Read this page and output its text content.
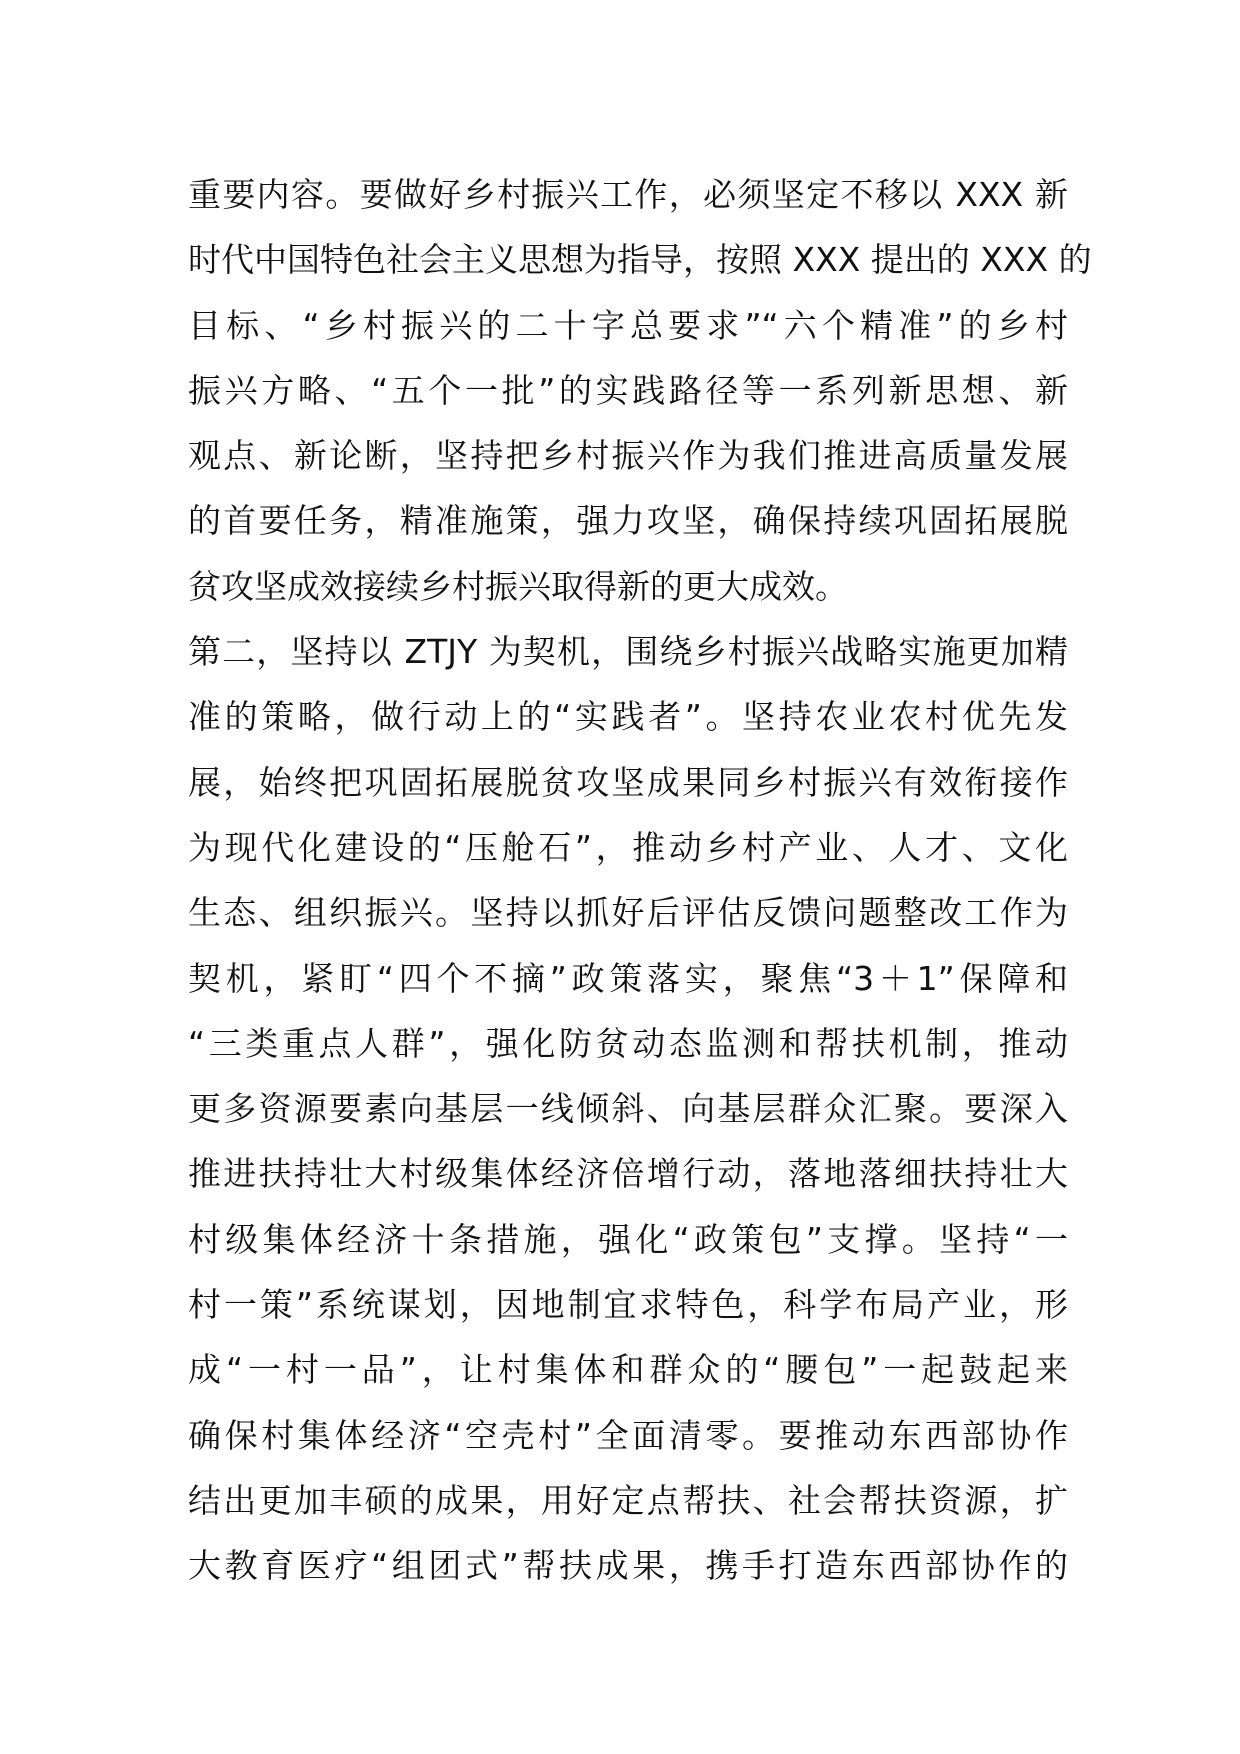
重要内容。要做好乡村振兴工作，必须坚定不移以 XXX 新
时代中国特色社会主义思想为指导，按照 XXX 提出的 XXX 的
目标、“乡村振兴的二十字总要求”“六个精准”的乡村
振兴方略、“五个一批”的实践路径等一系列新思想、新
观点、新论断，坚持把乡村振兴作为我们推进高质量发展
的首要任务，精准施策，强力攻坚，确保持续巩固拓展脱
贫攻坚成效接续乡村振兴取得新的更大成效。
第二，坚持以 ZTJY 为契机，围绕乡村振兴战略实施更加精
准的策略，做行动上的“实践者”。坚持农业农村优先发
展，始终把巩固拓展脱贫攻坚成果同乡村振兴有效衔接作
为现代化建设的“压舱石”，推动乡村产业、人才、文化
生态、组织振兴。坚持以抓好后评估反馈问题整改工作为
契机，紧盯“四个不摘”政策落实，聚焦“3＋1”保障和
“三类重点人群”，强化防贫动态监测和帮扶机制，推动
更多资源要素向基层一线倾斜、向基层群众汇聚。要深入
推进扶持壮大村级集体经济倍增行动，落地落细扶持壮大
村级集体经济十条措施，强化“政策包”支撑。坚持“一
村一策”系统谋划，因地制宜求特色，科学布局产业，形
成“一村一品”，让村集体和群众的“腰包”一起鼓起来
确保村集体经济“空壳村”全面清零。要推动东西部协作
结出更加丰硕的成果，用好定点帮扶、社会帮扶资源，扩
大教育医疗“组团式”帮扶成果，携手打造东西部协作的
